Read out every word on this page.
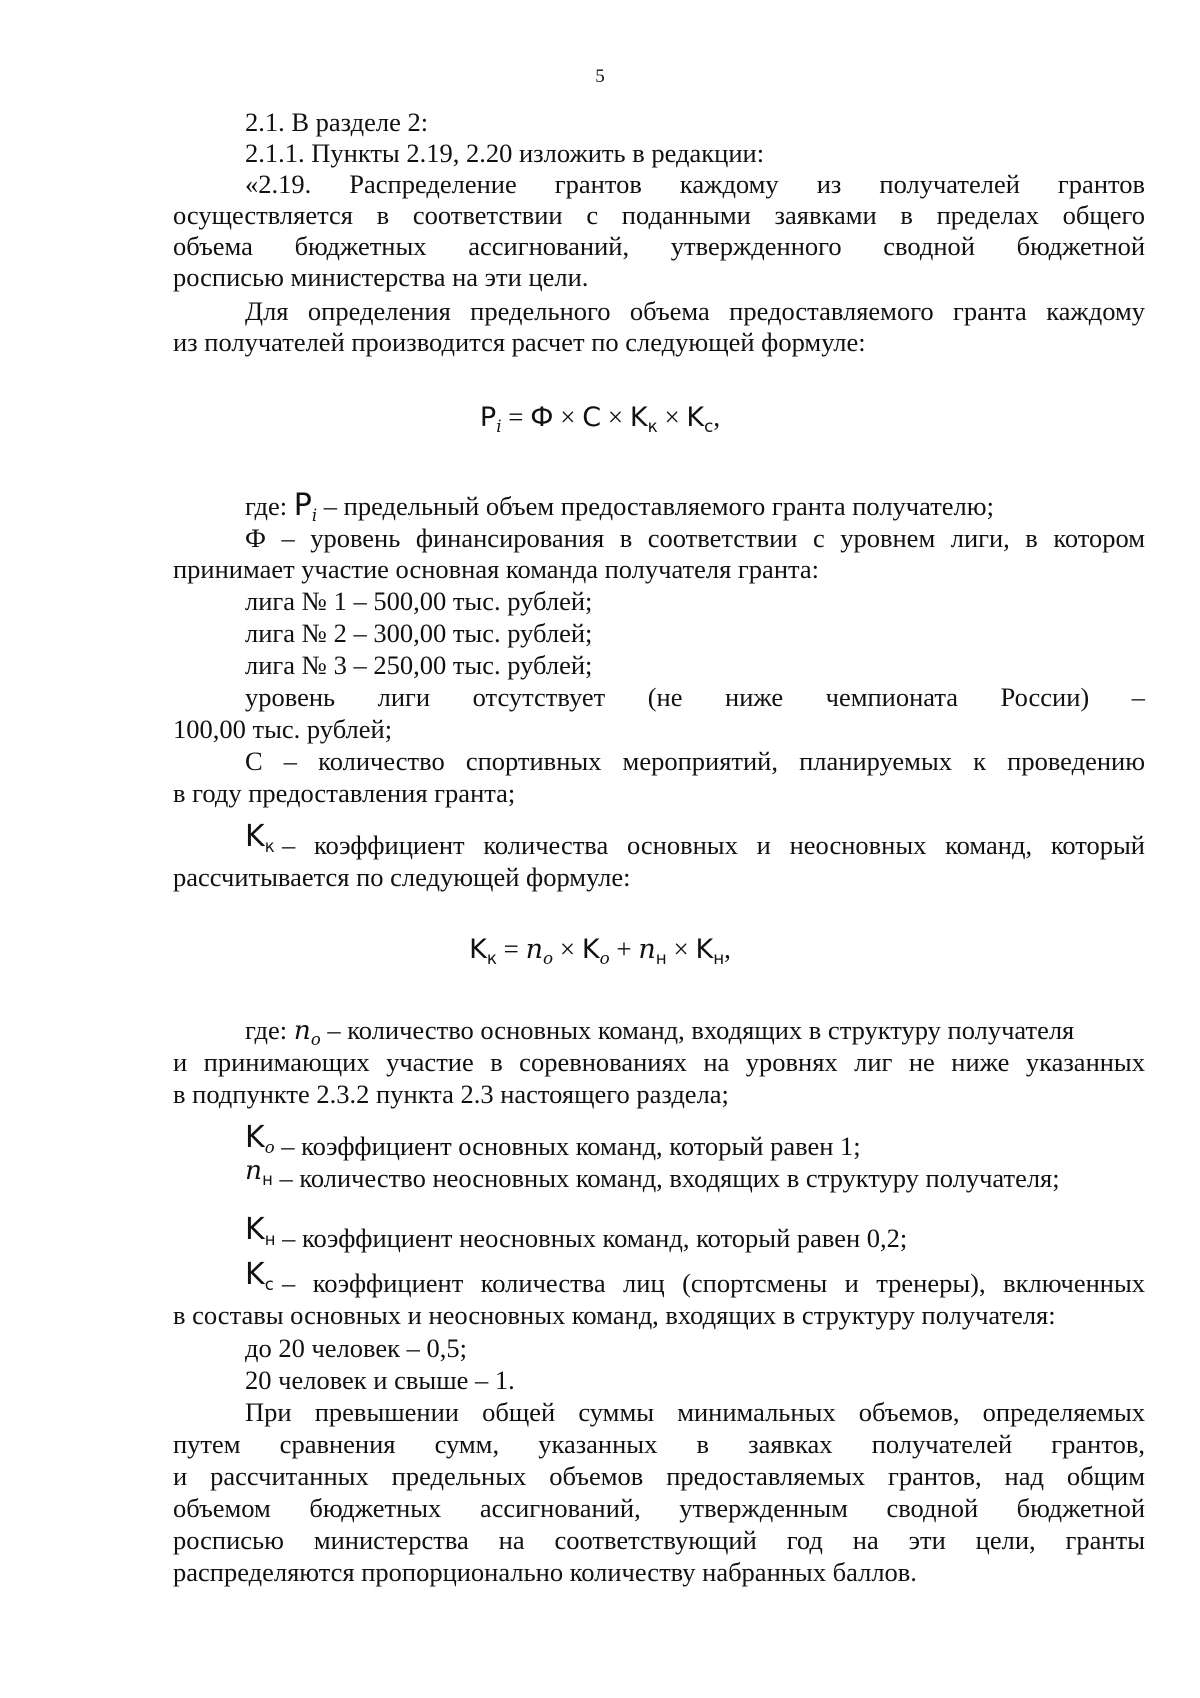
5
2.1. В разделе 2:
2.1.1. Пункты 2.19, 2.20 изложить в редакции:
«2.19. Распределение грантов каждому из получателей грантов
осуществляется в соответствии с поданными заявками в пределах общего
объема бюджетных ассигнований, утвержденного сводной бюджетной
росписью министерства на эти цели.
Для определения предельного объема предоставляемого гранта каждому
из получателей производится расчет по следующей формуле:
$P_i = Ф \times C \times K_к \times K_с$,
где: $P_i$ – предельный объем предоставляемого гранта получателю;
Ф – уровень финансирования в соответствии с уровнем лиги, в котором
принимает участие основная команда получателя гранта:
лига № 1 – 500,00 тыс. рублей;
лига № 2 – 300,00 тыс. рублей;
лига № 3 – 250,00 тыс. рублей;
уровень лиги отсутствует (не ниже чемпионата России) –
100,00 тыс. рублей;
С – количество спортивных мероприятий, планируемых к проведению
в году предоставления гранта;
$K_к$ – коэффициент количества основных и неосновных команд, который
рассчитывается по следующей формуле:
$K_к = n_o \times K_o + n_н \times K_н$,
где: $n_o$ – количество основных команд, входящих в структуру получателя
и принимающих участие в соревнованиях на уровнях лиг не ниже указанных
в подпункте 2.3.2 пункта 2.3 настоящего раздела;
$K_o$ – коэффициент основных команд, который равен 1;
$n_н$ – количество неосновных команд, входящих в структуру получателя;
$K_н$ – коэффициент неосновных команд, который равен 0,2;
$K_с$ – коэффициент количества лиц (спортсмены и тренеры), включенных
в составы основных и неосновных команд, входящих в структуру получателя:
до 20 человек – 0,5;
20 человек и свыше – 1.
При превышении общей суммы минимальных объемов, определяемых
путем сравнения сумм, указанных в заявках получателей грантов,
и рассчитанных предельных объемов предоставляемых грантов, над общим
объемом бюджетных ассигнований, утвержденным сводной бюджетной
росписью министерства на соответствующий год на эти цели, гранты
распределяются пропорционально количеству набранных баллов.
